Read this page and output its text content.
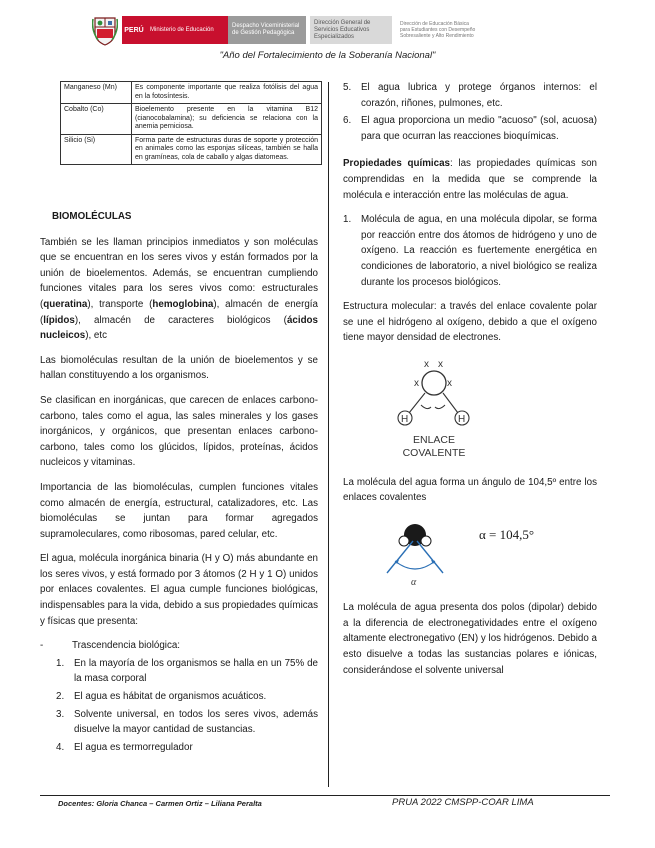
PERÚ	Ministerio de Educación
Despacho Viceministerial de Gestión Pedagógica
Dirección General de Servicios Educativos Especializados
Dirección de Educación Básica para Estudiantes con Desempeño Sobresaliente y Alto Rendimiento
"Año del Fortalecimiento de la Soberanía Nacional"
Manganeso (Mn)	Es componente importante que realiza fotólisis del agua en la fotosíntesis.
Cobalto (Co)	Bioelemento presente en la vitamina B12 (cianocobalamina); su deficiencia se relaciona con la anemia perniciosa.
Silicio (Si)	Forma parte de estructuras duras de soporte y protección en animales como las esponjas silíceas, también se halla en gramíneas, cola de caballo y algas diatomeas.
BIOMOLÉCULAS

También se les llaman principios inmediatos y son moléculas que se encuentran en los seres vivos y están formados por la unión de bioelementos. Además, se encuentran cumpliendo funciones vitales para los seres vivos como: estructurales (queratina), transporte (hemoglobina), almacén de energía (lípidos), almacén de caracteres biológicos (ácidos nucleicos), etc

Las biomoléculas resultan de la unión de bioelementos y se hallan constituyendo a los organismos.

Se clasifican en inorgánicas, que carecen de enlaces carbono-carbono, tales como el agua, las sales minerales y los gases inorgánicos, y orgánicos, que presentan enlaces carbono-carbono, tales como los glúcidos, lípidos, proteínas, ácidos nucleicos y vitaminas.

Importancia de las biomoléculas, cumplen funciones vitales como almacén de energía, estructural, catalizadores, etc. Las biomoléculas se juntan para formar agregados supramoleculares, como ribosomas, pared celular, etc.

El agua, molécula inorgánica binaria (H y O) más abundante en los seres vivos, y está formado por 3 átomos (2 H y 1 O) unidos por enlaces covalentes. El agua cumple funciones biológicas, indispensables para la vida, debido a sus propiedades químicas y físicas que presenta:

-	Trascendencia biológica:
1.	En la mayoría de los organismos se halla en un 75% de la masa corporal
2.	El agua es hábitat de organismos acuáticos.
3.	Solvente universal, en todos los seres vivos, además disuelve la mayor cantidad de sustancias.
4.	El agua es termorregulador
5.	El agua lubrica y protege órganos internos: el corazón, riñones, pulmones, etc.
6.	El agua proporciona un medio "acuoso" (sol, acuosa) para que ocurran las reacciones bioquímicas.

Propiedades químicas: las propiedades químicas son comprendidas en la medida que se comprende la molécula e interacción entre las moléculas de agua.

1.	Molécula de agua, en una molécula dipolar, se forma por reacción entre dos átomos de hidrógeno y uno de oxígeno. La reacción es fuertemente energética en condiciones de laboratorio, a nivel biológico se realiza durante los procesos biológicos.

Estructura molecular: a través del enlace covalente polar se une el hidrógeno al oxígeno, debido a que el oxígeno tiene mayor densidad de electrones.

x x
x	x
H	H
ENLACE
COVALENTE

La molécula del agua forma un ángulo de 104,5º entre los enlaces covalentes

α
α = 104,5°

La molécula de agua presenta dos polos (dipolar) debido a la diferencia de electronegatividades entre el oxígeno altamente electronegativo (EN) y los hidrógenos. Debido a esto disuelve a todas las sustancias polares e iónicas, considerándose el solvente universal

Docentes: Gloria Chanca – Carmen Ortiz – Liliana Peralta	PRUA 2022 CMSPP-COAR LIMA
